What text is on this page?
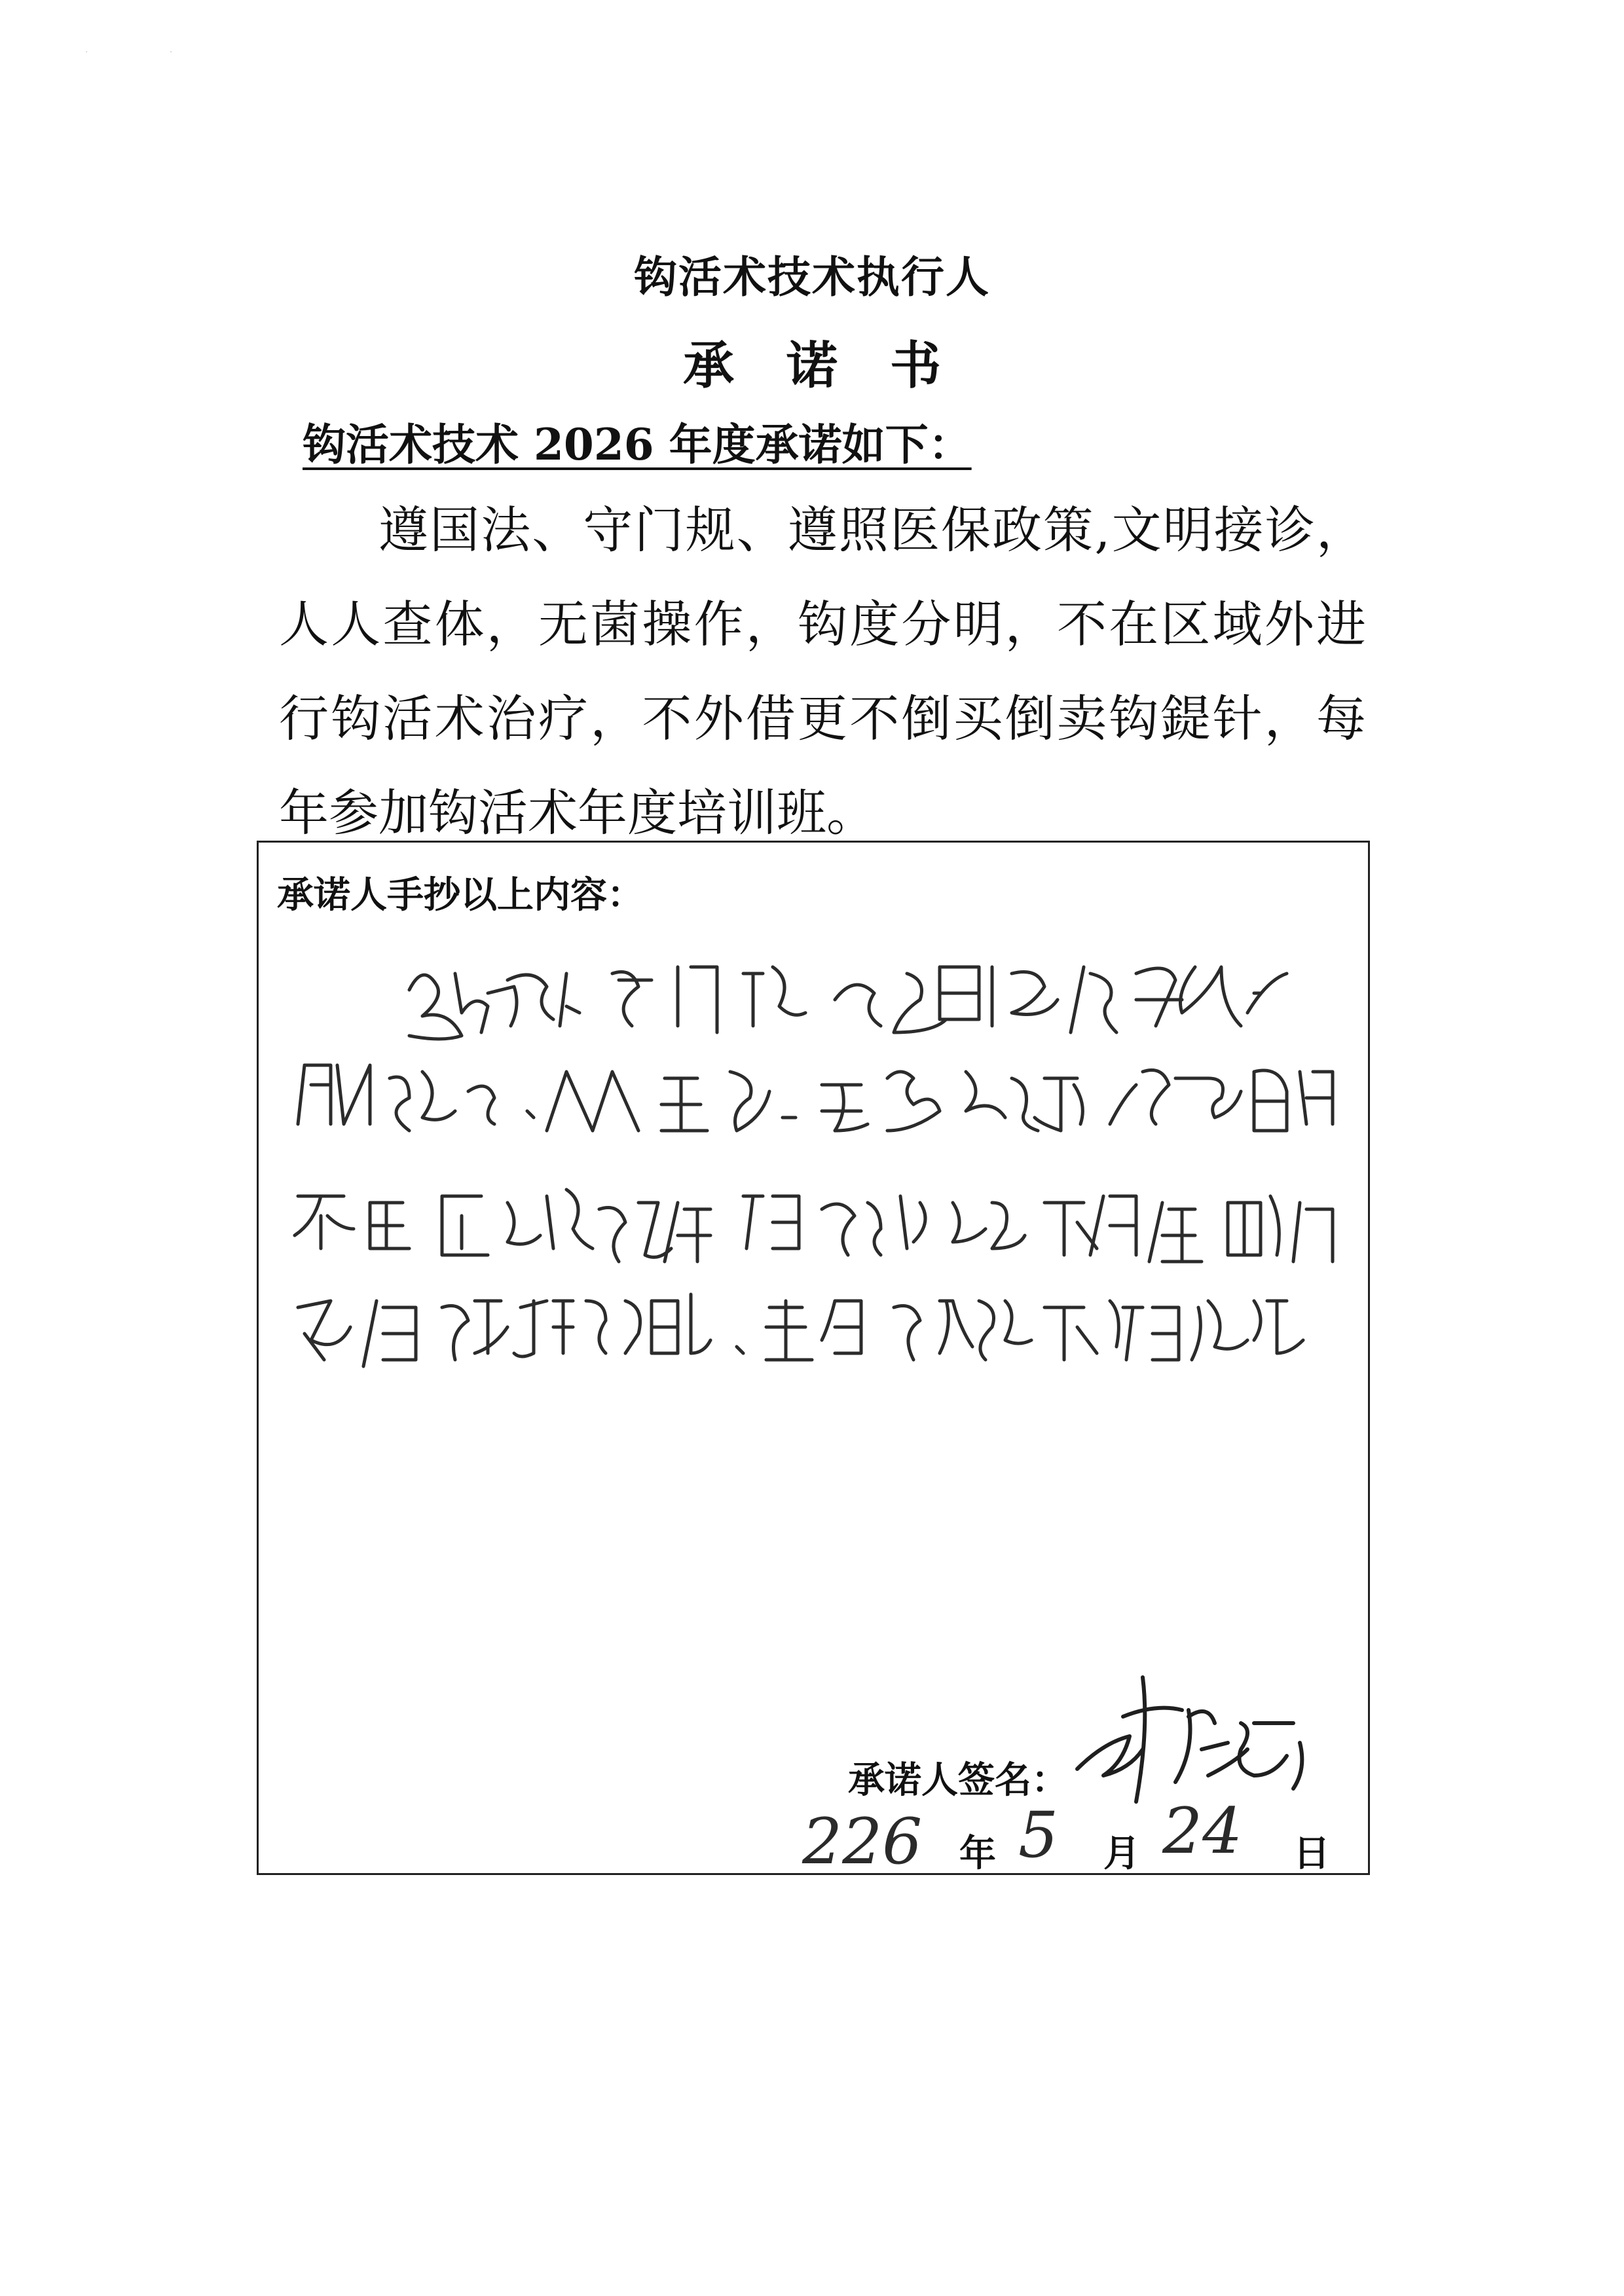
· ·
钩活术技术执行人
承诺书
钩活术技术 2026 年度承诺如下：
遵国法、守门规、遵照医保政策,文明接诊，人人查体，无菌操作，钩度分明，不在区域外进行钩活术治疗，不外借更不倒买倒卖钩鍉针，每年参加钩活术年度培训班。
承诺人手抄以上内容：
承诺人签名：
226 年 5 月 24 日
